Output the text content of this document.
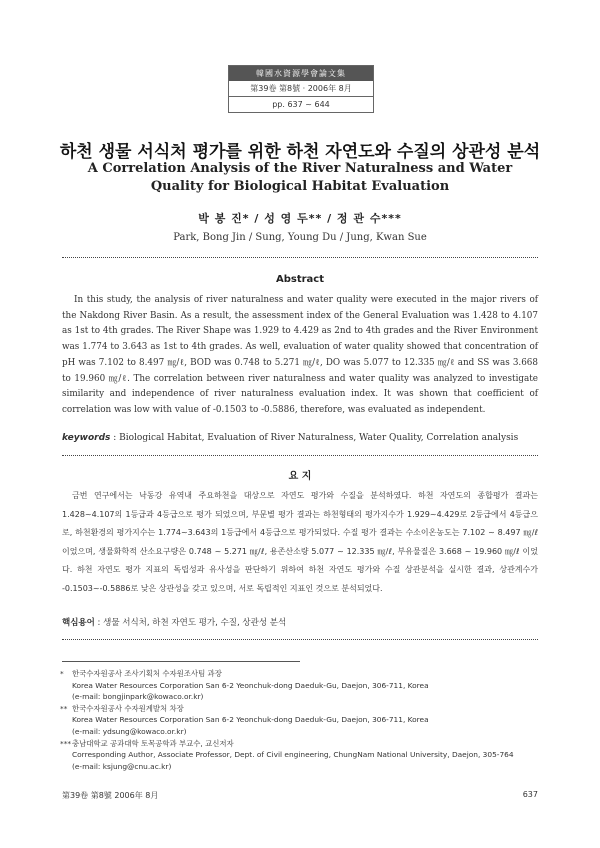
韓國水資源學會論文集
第39卷 第8號 · 2006年 8月
pp. 637 ~ 644
하천 생물 서식처 평가를 위한 하천 자연도와 수질의 상관성 분석
A Correlation Analysis of the River Naturalness and Water Quality for Biological Habitat Evaluation
박 봉 진* / 성 영 두** / 정 관 수***
Park, Bong Jin / Sung, Young Du / Jung, Kwan Sue
Abstract
In this study, the analysis of river naturalness and water quality were executed in the major rivers of the Nakdong River Basin. As a result, the assessment index of the General Evaluation was 1.428 to 4.107 as 1st to 4th grades. The River Shape was 1.929 to 4.429 as 2nd to 4th grades and the River Environment was 1.774 to 3.643 as 1st to 4th grades. As well, evaluation of water quality showed that concentration of pH was 7.102 to 8.497 ㎎/ℓ, BOD was 0.748 to 5.271 ㎎/ℓ, DO was 5.077 to 12.335 ㎎/ℓ and SS was 3.668 to 19.960 ㎎/ℓ. The correlation between river naturalness and water quality was analyzed to investigate similarity and independence of river naturalness evaluation index. It was shown that coefficient of correlation was low with value of -0.1503 to -0.5886, therefore, was evaluated as independent.
keywords : Biological Habitat, Evaluation of River Naturalness, Water Quality, Correlation analysis
요 지
금번 연구에서는 낙동강 유역내 주요하천을 대상으로 자연도 평가와 수질을 분석하였다. 하천 자연도의 종합평가 결과는 1.428~4.107의 1등급과 4등급으로 평가 되었으며, 부문별 평가 결과는 하천형태의 평가지수가 1.929~4.429로 2등급에서 4등급으로, 하천환경의 평가지수는 1.774~3.643의 1등급에서 4등급으로 평가되었다. 수질 평가 결과는 수소이온농도는 7.102 ~ 8.497 ㎎/ℓ이었으며, 생물화학적 산소요구량은 0.748 ~ 5.271 ㎎/ℓ, 용존산소량 5.077 ~ 12.335 ㎎/ℓ, 부유물질은 3.668 ~ 19.960 ㎎/ℓ 이었다. 하천 자연도 평가 지표의 독립성과 유사성을 판단하기 위하여 하천 자연도 평가와 수질 상관분석을 실시한 결과, 상관계수가 -0.1503~-0.5886로 낮은 상관성을 갖고 있으며, 서로 독립적인 지표인 것으로 분석되었다.
핵심용어 : 생물 서식처, 하천 자연도 평가, 수질, 상관성 분석
* 한국수자원공사 조사기획처 수자원조사팀 과장
Korea Water Resources Corporation San 6-2 Yeonchuk-dong Daeduk-Gu, Daejon, 306-711, Korea
(e-mail: bongjinpark@kowaco.or.kr)
** 한국수자원공사 수자원계발처 차장
Korea Water Resources Corporation San 6-2 Yeonchuk-dong Daeduk-Gu, Daejon, 306-711, Korea
(e-mail: ydsung@kowaco.or.kr)
***충남대학교 공과대학 토목공학과 부교수, 교신저자
Corresponding Author, Associate Professor, Dept. of Civil engineering, ChungNam National University, Daejon, 305-764
(e-mail: ksjung@cnu.ac.kr)
第39卷 第8號 2006年 8月	637
